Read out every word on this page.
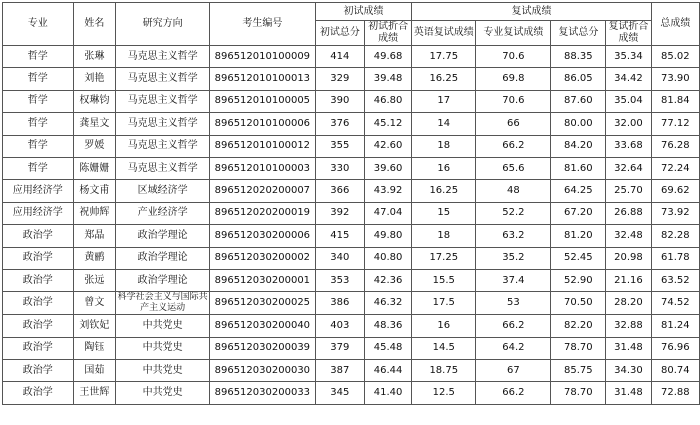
专业	姓名	研究方向	考生编号	初试成绩		复试成绩				总成绩
				初试总分	初试折合成绩	英语复试成绩	专业复试成绩	复试总分	复试折合成绩	
哲学	张琳	马克思主义哲学	896512010100009	414	49.68	17.75	70.6	88.35	35.34	85.02
哲学	刘艳	马克思主义哲学	896512010100013	329	39.48	16.25	69.8	86.05	34.42	73.90
哲学	权琳钧	马克思主义哲学	896512010100005	390	46.80	17	70.6	87.60	35.04	81.84
哲学	龚星文	马克思主义哲学	896512010100006	376	45.12	14	66	80.00	32.00	77.12
哲学	罗媛	马克思主义哲学	896512010100012	355	42.60	18	66.2	84.20	33.68	76.28
哲学	陈姗姗	马克思主义哲学	896512010100003	330	39.60	16	65.6	81.60	32.64	72.24
应用经济学	杨文甫	区域经济学	896512020200007	366	43.92	16.25	48	64.25	25.70	69.62
应用经济学	祝帅辉	产业经济学	896512020200019	392	47.04	15	52.2	67.20	26.88	73.92
政治学	郑晶	政治学理论	896512030200006	415	49.80	18	63.2	81.20	32.48	82.28
政治学	黄鹂	政治学理论	896512030200002	340	40.80	17.25	35.2	52.45	20.98	61.78
政治学	张远	政治学理论	896512030200001	353	42.36	15.5	37.4	52.90	21.16	63.52
政治学	曾文	科学社会主义与国际共产主义运动	896512030200025	386	46.32	17.5	53	70.50	28.20	74.52
政治学	刘钦妃	中共党史	896512030200040	403	48.36	16	66.2	82.20	32.88	81.24
政治学	陶钰	中共党史	896512030200039	379	45.48	14.5	64.2	78.70	31.48	76.96
政治学	国茹	中共党史	896512030200030	387	46.44	18.75	67	85.75	34.30	80.74
政治学	王世辉	中共党史	896512030200033	345	41.40	12.5	66.2	78.70	31.48	72.88
